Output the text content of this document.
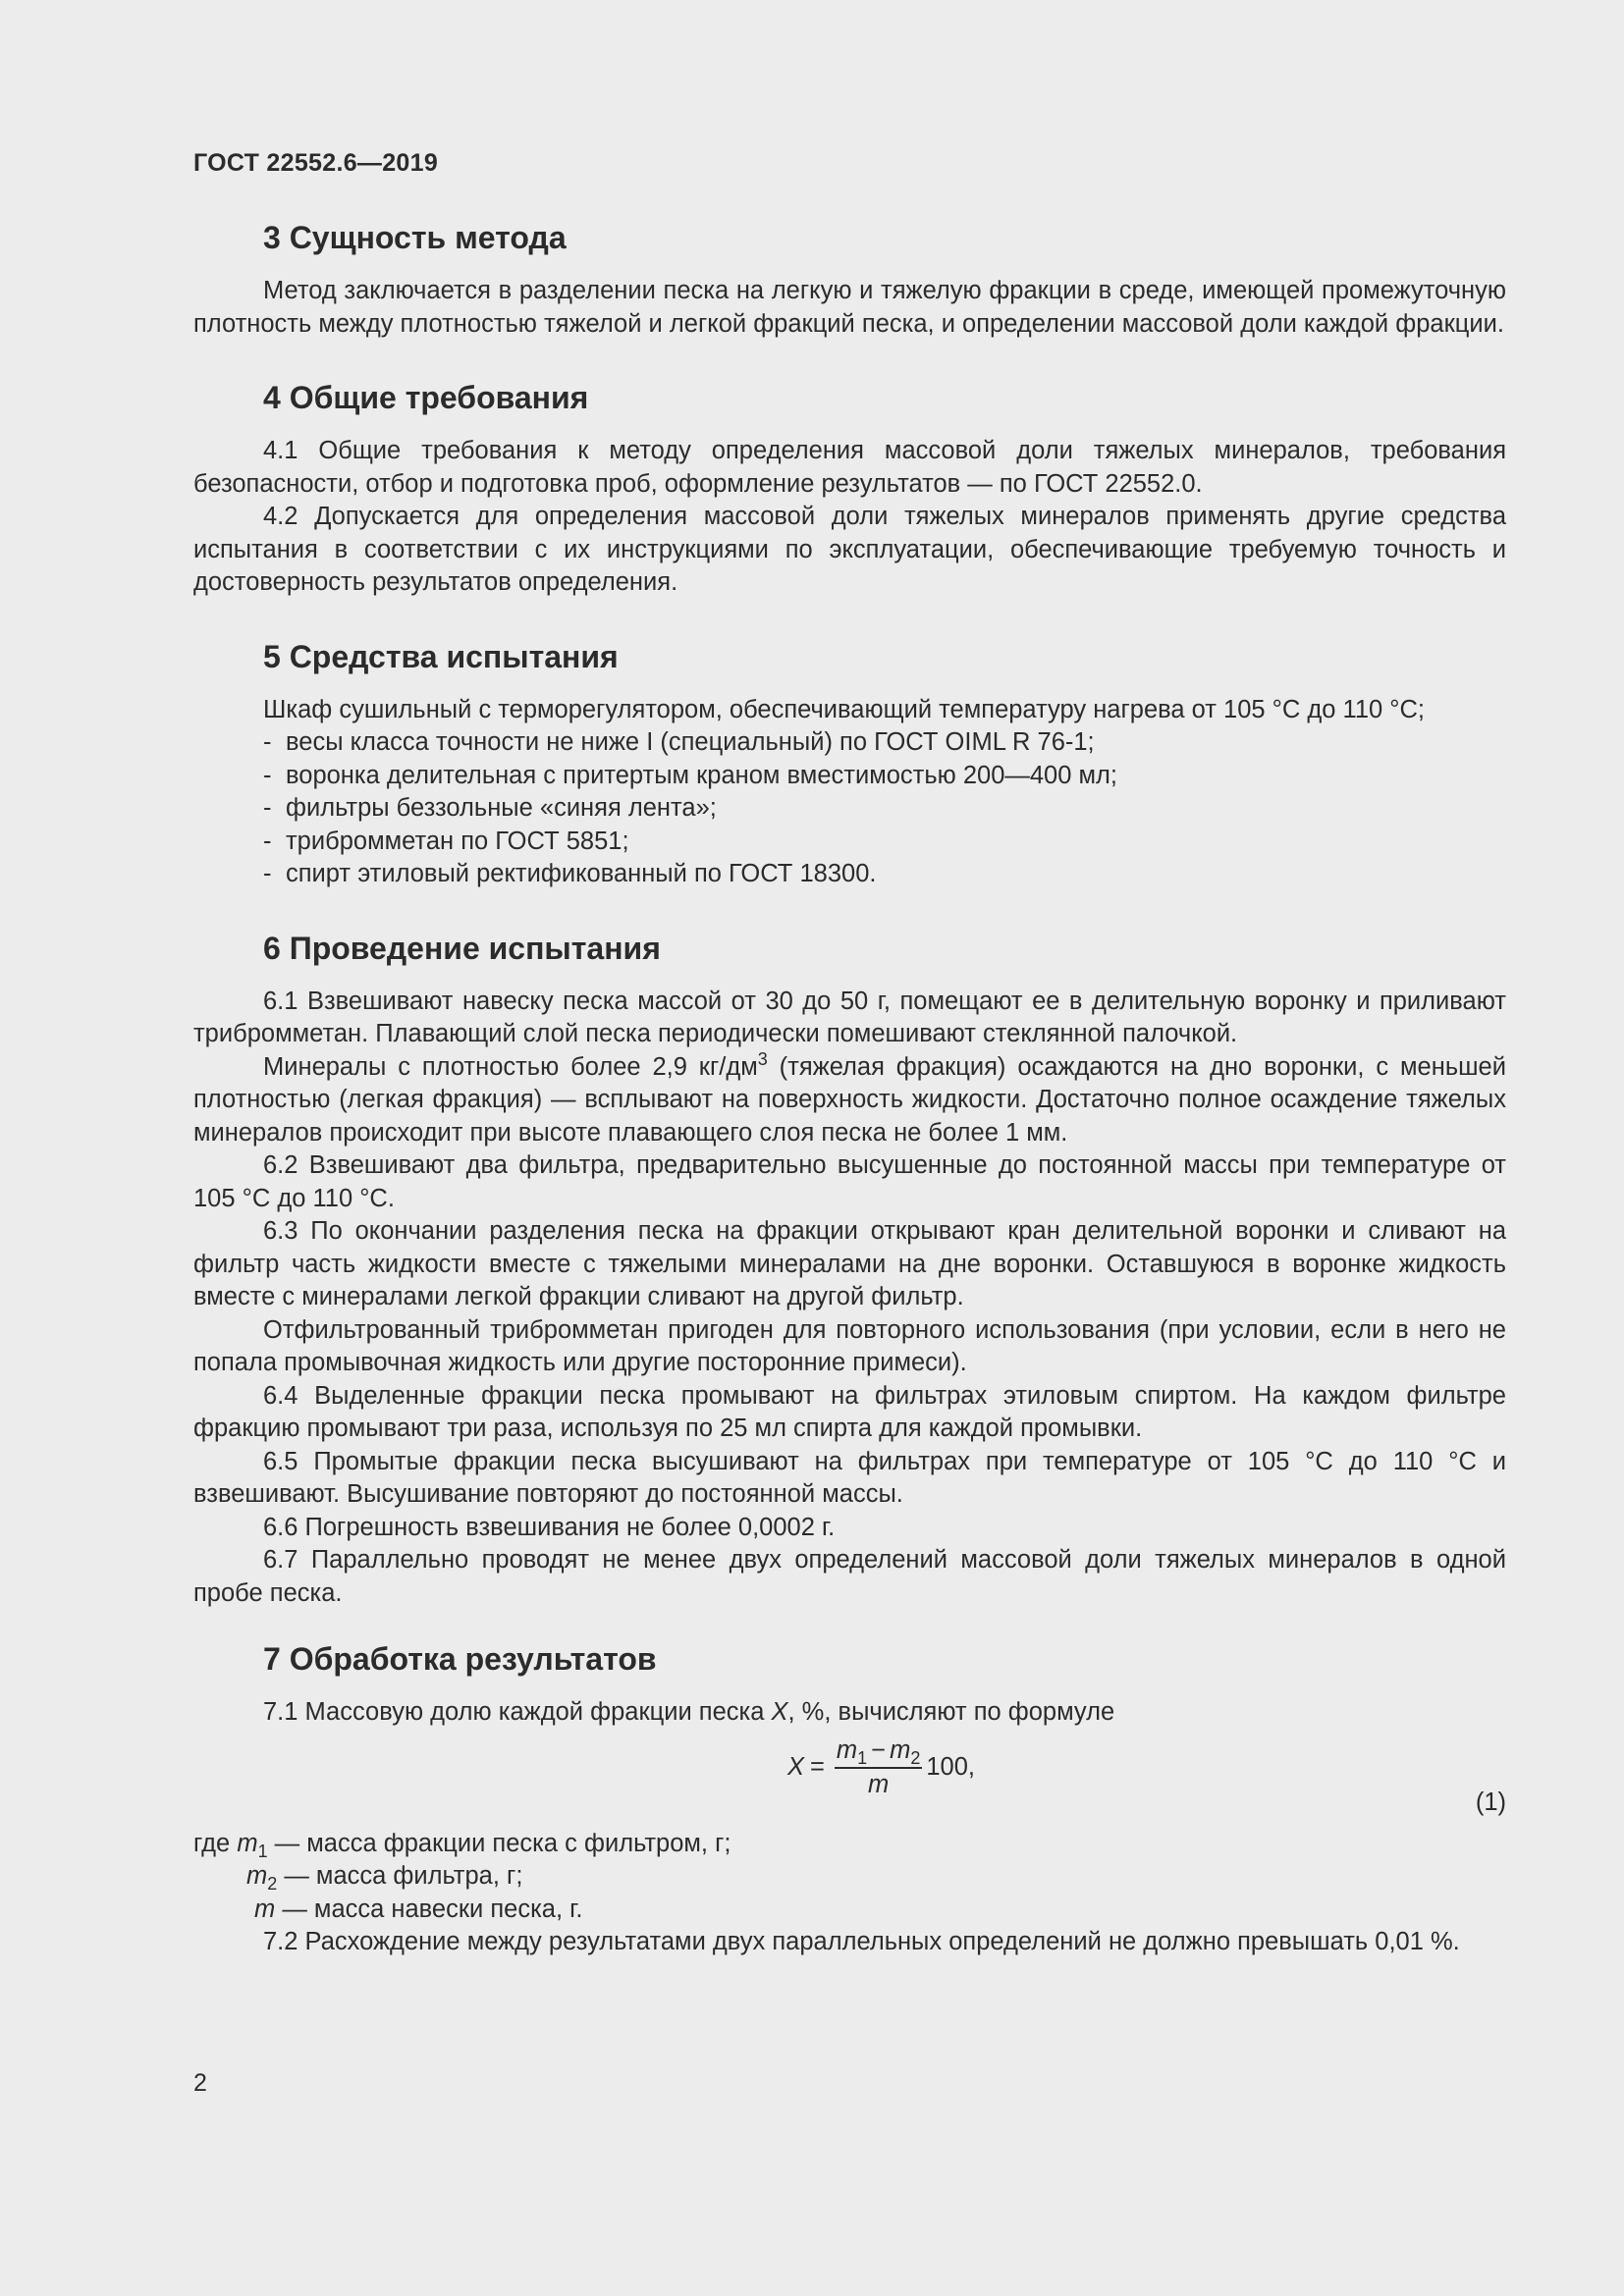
ГОСТ 22552.6—2019
3 Сущность метода

Метод заключается в разделении песка на легкую и тяжелую фракции в среде, имеющей промежуточную плотность между плотностью тяжелой и легкой фракций песка, и определении массовой доли каждой фракции.

4 Общие требования

4.1 Общие требования к методу определения массовой доли тяжелых минералов, требования безопасности, отбор и подготовка проб, оформление результатов — по ГОСТ 22552.0.

4.2 Допускается для определения массовой доли тяжелых минералов применять другие средства испытания в соответствии с их инструкциями по эксплуатации, обеспечивающие требуемую точность и достоверность результатов определения.

5 Средства испытания

Шкаф сушильный с терморегулятором, обеспечивающий температуру нагрева от 105 °С до 110 °С;

- весы класса точности не ниже I (специальный) по ГОСТ OIML R 76-1;
- воронка делительная с притертым краном вместимостью 200—400 мл;
- фильтры беззольные «синяя лента»;
- трибромметан по ГОСТ 5851;
- спирт этиловый ректификованный по ГОСТ 18300.
6 Проведение испытания

6.1 Взвешивают навеску песка массой от 30 до 50 г, помещают ее в делительную воронку и приливают трибромметан. Плавающий слой песка периодически помешивают стеклянной палочкой.

Минералы с плотностью более 2,9 $кг/дм^3$ (тяжелая фракция) осаждаются на дно воронки, с меньшей плотностью (легкая фракция) — всплывают на поверхность жидкости. Достаточно полное осаждение тяжелых минералов происходит при высоте плавающего слоя песка не более 1 мм.

6.2 Взвешивают два фильтра, предварительно высушенные до постоянной массы при температуре от 105 °С до 110 °С.

6.3 По окончании разделения песка на фракции открывают кран делительной воронки и сливают на фильтр часть жидкости вместе с тяжелыми минералами на дне воронки. Оставшуюся в воронке жидкость вместе с минералами легкой фракции сливают на другой фильтр.

Отфильтрованный трибромметан пригоден для повторного использования (при условии, если в него не попала промывочная жидкость или другие посторонние примеси).

6.4 Выделенные фракции песка промывают на фильтрах этиловым спиртом. На каждом фильтре фракцию промывают три раза, используя по 25 мл спирта для каждой промывки.

6.5 Промытые фракции песка высушивают на фильтрах при температуре от 105 °С до 110 °С и взвешивают. Высушивание повторяют до постоянной массы.

6.6 Погрешность взвешивания не более 0,0002 г.

6.7 Параллельно проводят не менее двух определений массовой доли тяжелых минералов в одной пробе песка.

7 Обработка результатов

7.1 Массовую долю каждой фракции песка X, %, вычисляют по формуле

$X = \frac{m_1 - m_2}{m} 100$,
(1)
где $m_1$ — масса фракции песка с фильтром, г;
$m_2$ — масса фильтра, г;
m — масса навески песка, г.

7.2 Расхождение между результатами двух параллельных определений не должно превышать 0,01 %.

2
